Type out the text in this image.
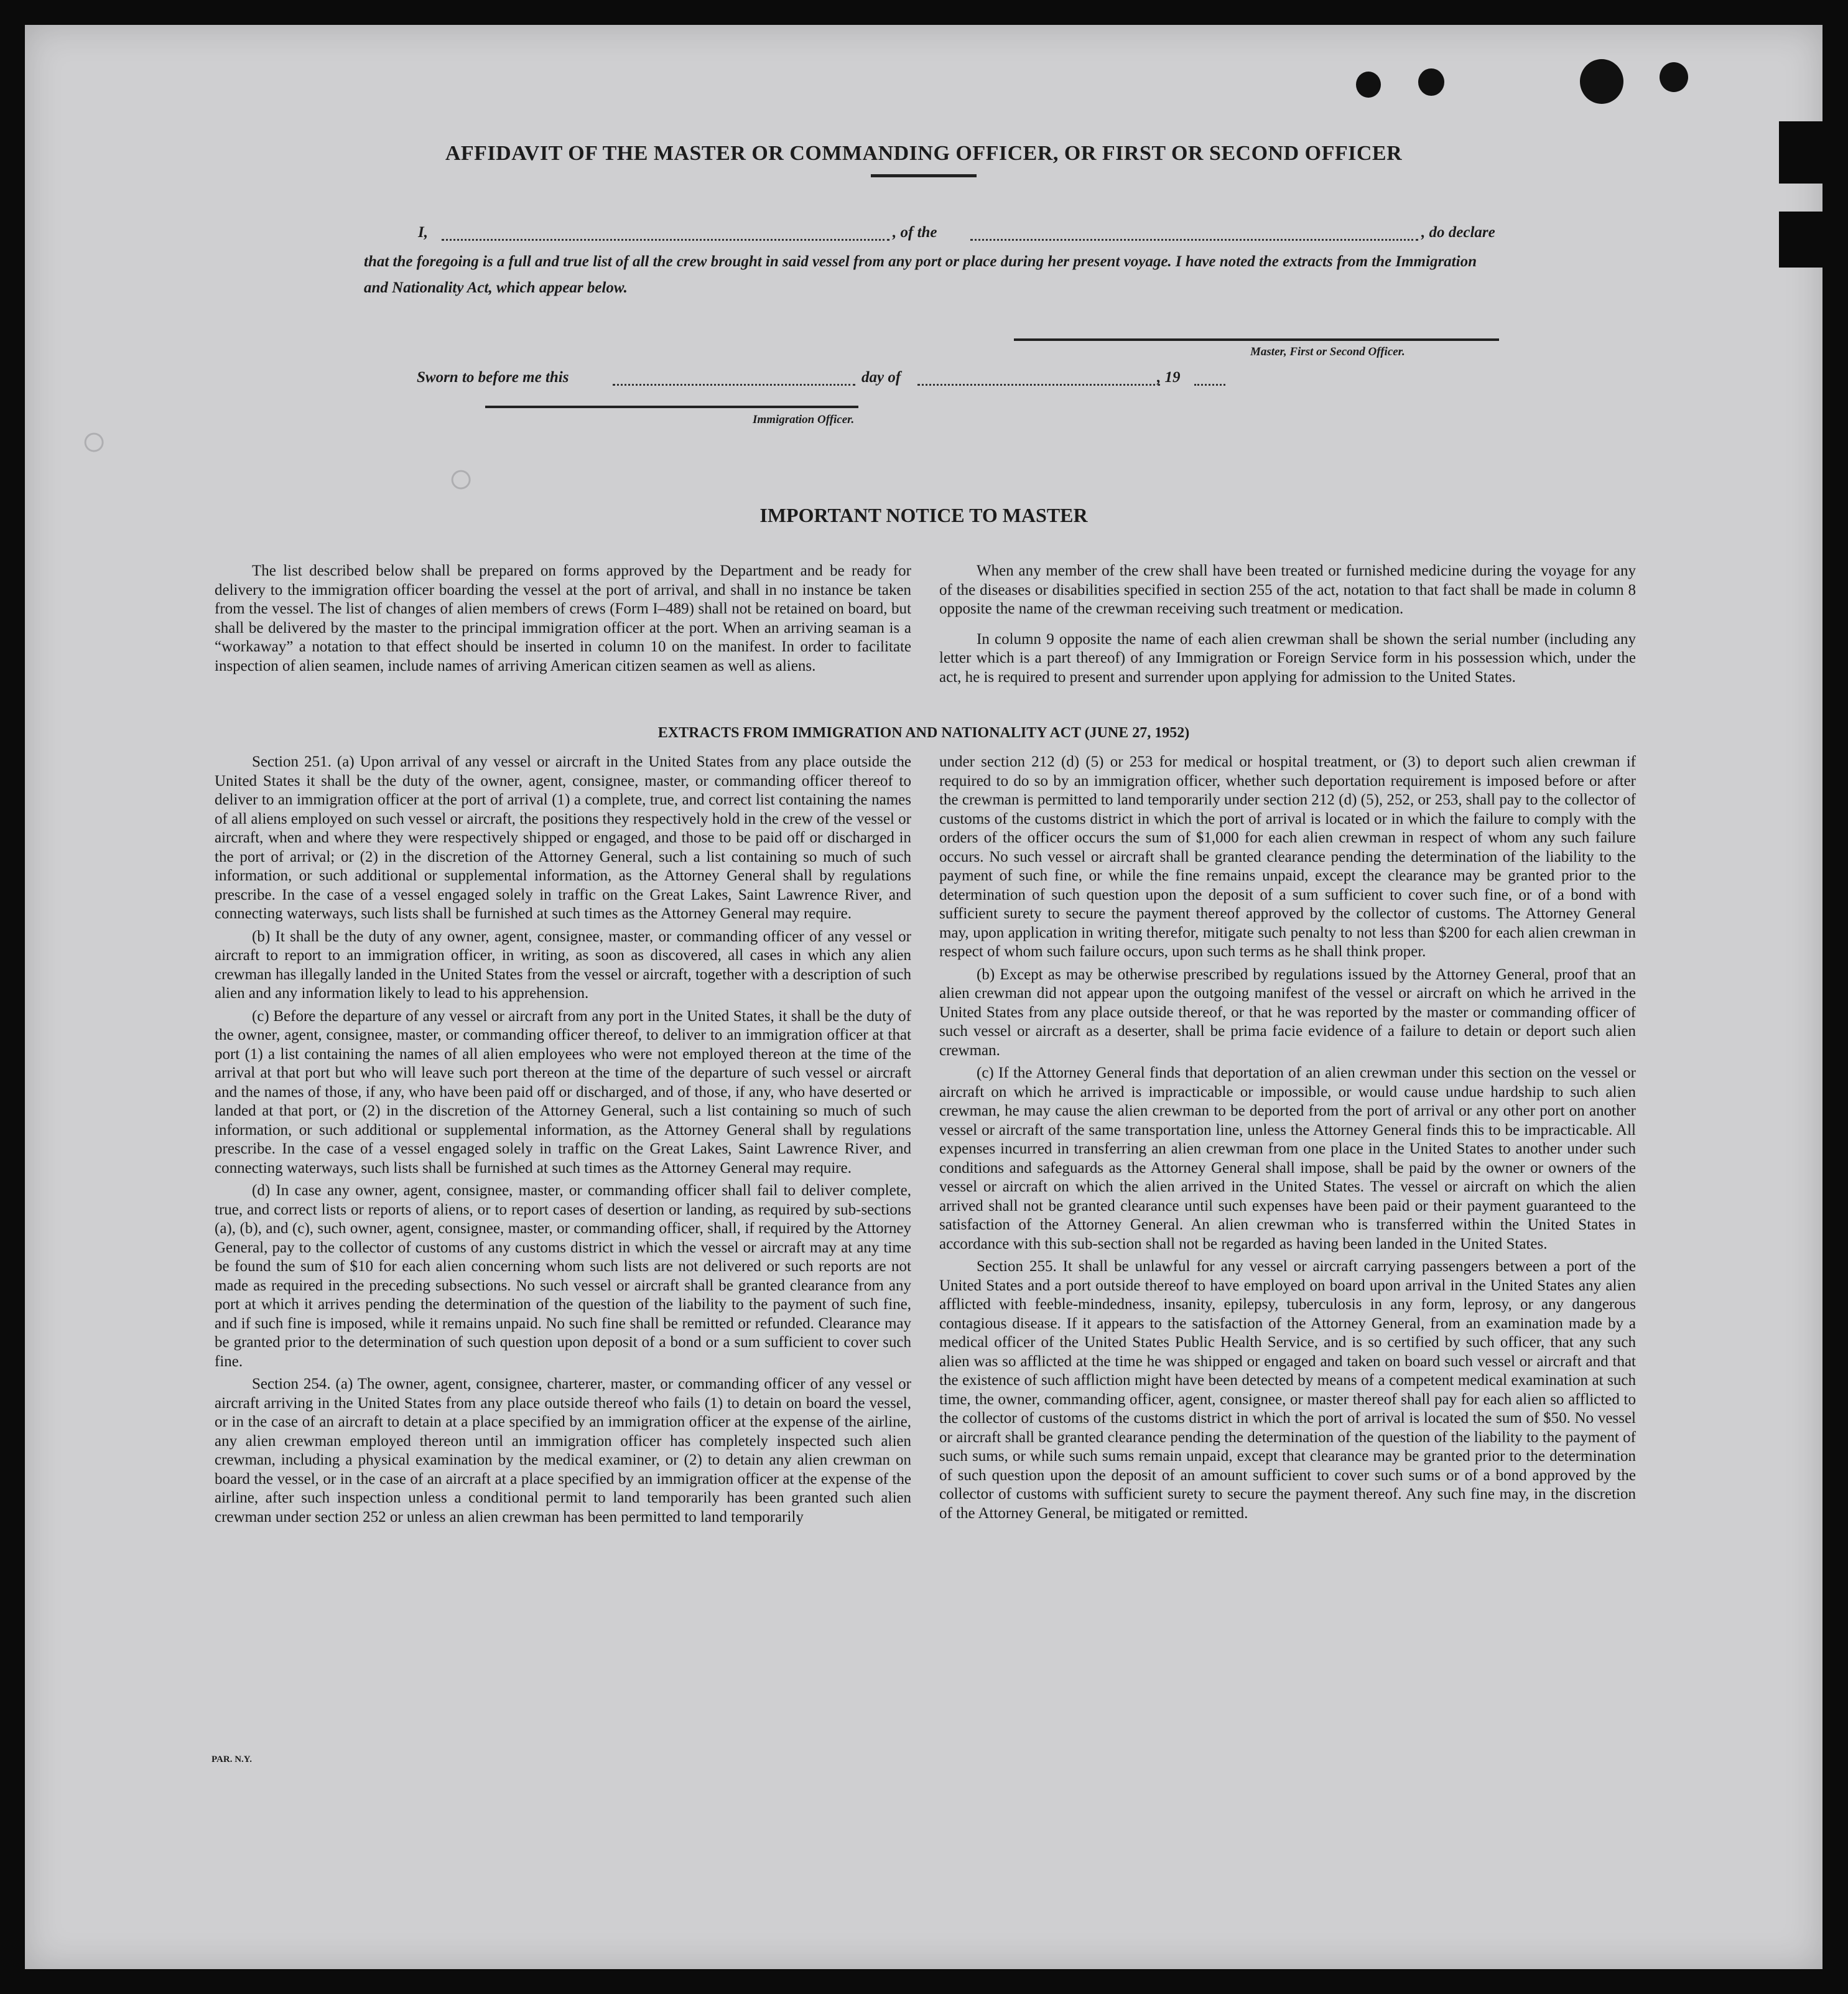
○
○
AFFIDAVIT OF THE MASTER OR COMMANDING OFFICER, OR FIRST OR SECOND OFFICER
I,	, of the	, do declare
that the foregoing is a full and true list of all the crew brought in said vessel from any port or place during her present voyage. I have noted the extracts from the Immigration and Nationality Act, which appear below.
Master, First or Second Officer.
Sworn to before me this	day of	, 19
Immigration Officer.
IMPORTANT NOTICE TO MASTER

The list described below shall be prepared on forms approved by the Department and be ready for delivery to the immigration officer boarding the vessel at the port of arrival, and shall in no instance be taken from the vessel. The list of changes of alien members of crews (Form I–489) shall not be retained on board, but shall be delivered by the master to the principal immigration officer at the port. When an arriving seaman is a “workaway” a notation to that effect should be inserted in column 10 on the manifest. In order to facilitate inspection of alien seamen, include names of arriving American citizen seamen as well as aliens.

When any member of the crew shall have been treated or furnished medicine during the voyage for any of the diseases or disabilities specified in section 255 of the act, notation to that fact shall be made in column 8 opposite the name of the crewman receiving such treatment or medication.

In column 9 opposite the name of each alien crewman shall be shown the serial number (including any letter which is a part thereof) of any Immigration or Foreign Service form in his possession which, under the act, he is required to present and surrender upon applying for admission to the United States.

EXTRACTS FROM IMMIGRATION AND NATIONALITY ACT (JUNE 27, 1952)

Section 251. (a) Upon arrival of any vessel or aircraft in the United States from any place outside the United States it shall be the duty of the owner, agent, consignee, master, or commanding officer thereof to deliver to an immigration officer at the port of arrival (1) a complete, true, and correct list containing the names of all aliens employed on such vessel or aircraft, the positions they respectively hold in the crew of the vessel or aircraft, when and where they were respectively shipped or engaged, and those to be paid off or discharged in the port of arrival; or (2) in the discretion of the Attorney General, such a list containing so much of such information, or such additional or supplemental information, as the Attorney General shall by regulations prescribe. In the case of a vessel engaged solely in traffic on the Great Lakes, Saint Lawrence River, and connecting waterways, such lists shall be furnished at such times as the Attorney General may require.

(b) It shall be the duty of any owner, agent, consignee, master, or commanding officer of any vessel or aircraft to report to an immigration officer, in writing, as soon as discovered, all cases in which any alien crewman has illegally landed in the United States from the vessel or aircraft, together with a description of such alien and any information likely to lead to his apprehension.

(c) Before the departure of any vessel or aircraft from any port in the United States, it shall be the duty of the owner, agent, consignee, master, or commanding officer thereof, to deliver to an immigration officer at that port (1) a list containing the names of all alien employees who were not employed thereon at the time of the arrival at that port but who will leave such port thereon at the time of the departure of such vessel or aircraft and the names of those, if any, who have been paid off or discharged, and of those, if any, who have deserted or landed at that port, or (2) in the discretion of the Attorney General, such a list containing so much of such information, or such additional or supplemental information, as the Attorney General shall by regulations prescribe. In the case of a vessel engaged solely in traffic on the Great Lakes, Saint Lawrence River, and connecting waterways, such lists shall be furnished at such times as the Attorney General may require.

(d) In case any owner, agent, consignee, master, or commanding officer shall fail to deliver complete, true, and correct lists or reports of aliens, or to report cases of desertion or landing, as required by sub-sections (a), (b), and (c), such owner, agent, consignee, master, or commanding officer, shall, if required by the Attorney General, pay to the collector of customs of any customs district in which the vessel or aircraft may at any time be found the sum of $10 for each alien concerning whom such lists are not delivered or such reports are not made as required in the preceding subsections. No such vessel or aircraft shall be granted clearance from any port at which it arrives pending the determination of the question of the liability to the payment of such fine, and if such fine is imposed, while it remains unpaid. No such fine shall be remitted or refunded. Clearance may be granted prior to the determination of such question upon deposit of a bond or a sum sufficient to cover such fine.

Section 254. (a) The owner, agent, consignee, charterer, master, or commanding officer of any vessel or aircraft arriving in the United States from any place outside thereof who fails (1) to detain on board the vessel, or in the case of an aircraft to detain at a place specified by an immigration officer at the expense of the airline, any alien crewman employed thereon until an immigration officer has completely inspected such alien crewman, including a physical examination by the medical examiner, or (2) to detain any alien crewman on board the vessel, or in the case of an aircraft at a place specified by an immigration officer at the expense of the airline, after such inspection unless a conditional permit to land temporarily has been granted such alien crewman under section 252 or unless an alien crewman has been permitted to land temporarily

under section 212 (d) (5) or 253 for medical or hospital treatment, or (3) to deport such alien crewman if required to do so by an immigration officer, whether such deportation requirement is imposed before or after the crewman is permitted to land temporarily under section 212 (d) (5), 252, or 253, shall pay to the collector of customs of the customs district in which the port of arrival is located or in which the failure to comply with the orders of the officer occurs the sum of $1,000 for each alien crewman in respect of whom any such failure occurs. No such vessel or aircraft shall be granted clearance pending the determination of the liability to the payment of such fine, or while the fine remains unpaid, except the clearance may be granted prior to the determination of such question upon the deposit of a sum sufficient to cover such fine, or of a bond with sufficient surety to secure the payment thereof approved by the collector of customs. The Attorney General may, upon application in writing therefor, mitigate such penalty to not less than $200 for each alien crewman in respect of whom such failure occurs, upon such terms as he shall think proper.

(b) Except as may be otherwise prescribed by regulations issued by the Attorney General, proof that an alien crewman did not appear upon the outgoing manifest of the vessel or aircraft on which he arrived in the United States from any place outside thereof, or that he was reported by the master or commanding officer of such vessel or aircraft as a deserter, shall be prima facie evidence of a failure to detain or deport such alien crewman.

(c) If the Attorney General finds that deportation of an alien crewman under this section on the vessel or aircraft on which he arrived is impracticable or impossible, or would cause undue hardship to such alien crewman, he may cause the alien crewman to be deported from the port of arrival or any other port on another vessel or aircraft of the same transportation line, unless the Attorney General finds this to be impracticable. All expenses incurred in transferring an alien crewman from one place in the United States to another under such conditions and safeguards as the Attorney General shall impose, shall be paid by the owner or owners of the vessel or aircraft on which the alien arrived in the United States. The vessel or aircraft on which the alien arrived shall not be granted clearance until such expenses have been paid or their payment guaranteed to the satisfaction of the Attorney General. An alien crewman who is transferred within the United States in accordance with this sub-section shall not be regarded as having been landed in the United States.

Section 255. It shall be unlawful for any vessel or aircraft carrying passengers between a port of the United States and a port outside thereof to have employed on board upon arrival in the United States any alien afflicted with feeble-mindedness, insanity, epilepsy, tuberculosis in any form, leprosy, or any dangerous contagious disease. If it appears to the satisfaction of the Attorney General, from an examination made by a medical officer of the United States Public Health Service, and is so certified by such officer, that any such alien was so afflicted at the time he was shipped or engaged and taken on board such vessel or aircraft and that the existence of such affliction might have been detected by means of a competent medical examination at such time, the owner, commanding officer, agent, consignee, or master thereof shall pay for each alien so afflicted to the collector of customs of the customs district in which the port of arrival is located the sum of $50. No vessel or aircraft shall be granted clearance pending the determination of the question of the liability to the payment of such sums, or while such sums remain unpaid, except that clearance may be granted prior to the determination of such question upon the deposit of an amount sufficient to cover such sums or of a bond approved by the collector of customs with sufficient surety to secure the payment thereof. Any such fine may, in the discretion of the Attorney General, be mitigated or remitted.

PAR. N.Y.
